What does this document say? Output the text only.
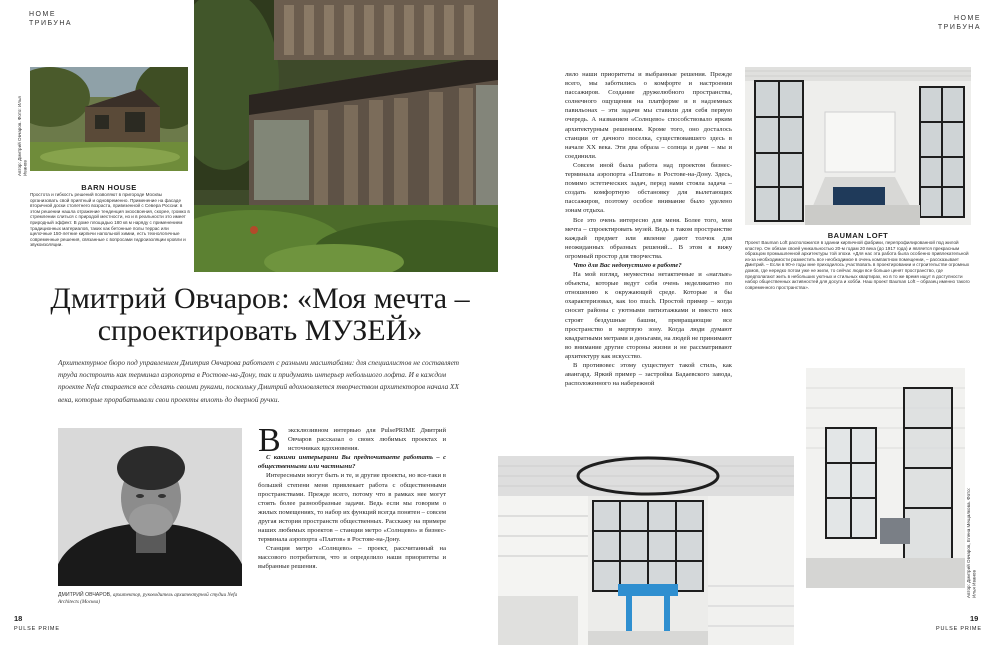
HOME
ТРИБУНА
Автор: Дмитрий Овчаров. Фото: Илья Иванов
BARN HOUSE
Простота и гибкость решений позволяют в пригороде Москвы организовать свой приятный и одновременно. Применение на фасаде вторичной доски столетнего возраста, привезенной с Севера России: в этом решении нашла отражение тенденция экоосвоения, скорее, громко в стремлении слиться с природой местности, но и в реальности это имеет природный эффект. В доме площадью 180 кв м наряду с применением традиционных материалов, таких как бетонные полы террас или щелочные 150-летние кирпичи напольной химии, есть технологичные современные решения, связанные с вопросами гидроизоляции кровли и звукоизоляции.
Дмитрий Овчаров: «Моя мечта – спроектировать МУЗЕЙ»
Архитектурное бюро под управлением Дмитрия Овчарова работает с разными масштабами: для специалистов не составляет труда построить как терминал аэропорта в Ростове-на-Дону, так и придумать интерьер небольшого лофта. И в каждом проекте Nefa старается все сделать своими руками, поскольку Дмитрий вдохновляется творчеством архитекторов начала XX века, которые прорабатывали свои проекты вплоть до дверной ручки.
ДМИТРИЙ ОВЧАРОВ, архитектор, руководитель архитектурной студии Nefa Architects (Москва)
В эксклюзивном интервью для PulsePRIME Дмитрий Овчаров рассказал о своих любимых проектах и источниках вдохновения.

С какими интерьерами Вы предпочитаете работать – с общественными или частными?

Интересными могут быть и те, и другие проекты, но все-таки в большей степени меня привлекает работа с общественными пространствами. Прежде всего, потому что в рамках нее могут стоять более разнообразные задачи. Ведь если мы говорим о жилых помещениях, то набор их функций всегда понятен – совсем другая история пространств общественных. Расскажу на примере наших любимых проектов – станции метро «Солнцево» и бизнес-терминала аэропорта «Платов» в Ростове-на-Дону.

Станция метро «Солнцево» – проект, рассчитанный на массового потребителя, что и определило наши приоритеты и выбранные решения.

18
PULSE PRIME
HOME
ТРИБУНА

лило наши приоритеты и выбранные решения. Прежде всего, мы заботились о комфорте и настроении пассажиров. Создание дружелюбного пространства, солнечного ощущения на платформе и в надземных павильонах – эти задачи мы ставили для себя первую очередь. А названием «Солнцево» способствовало ярким архитектурным решениям. Кроме того, оно досталось станции от дачного поселка, существовавшего здесь в начале XX века. Эти два образа – солнца и дачи – мы и соединили.

Совсем иной была работа над проектом бизнес-терминала аэропорта «Платов» в Ростове-на-Дону. Здесь, помимо эстетических задач, перед нами стояла задача – создать комфортную обстановку для вылетающих пассажиров, поэтому особое внимание было уделено зонам отдыха.

Все это очень интересно для меня. Более того, моя мечта – спроектировать музей. Ведь в таком пространстве каждый предмет или явление дают толчок для неожиданных образных решений... В этом я вижу огромный простор для творчества.

Что для Вас недопустимо в работе?

На мой взгляд, неуместны нетактичные и «наглые» объекты, которые ведут себя очень неделикатно по отношению к окружающей среде. Которые я бы охарактеризовал, как too much. Простой пример – когда сносят районы с уютными пятиэтажками и вместо них строят бездушные башни, превращающие все пространство в мертвую зону. Когда люди думают квадратными метрами и деньгами, на людей не принимают во внимание другие стороны жизни и не рассматривают архитектуру как искусство.

В противовес этому существует такой стиль, как авангард. Яркий пример – застройка Бадаевского завода, расположенного на набережной

BAUMAN LOFT
Проект Bauman Loft расположился в здании кирпичной фабрики, перепрофилированной под жилой кластер. Он обязан своей уникальностью 20-м годам 20 века (до 1917 года) и является прекрасным образцом промышленной архитектуры той эпохи. «Для нас эта работа была особенно привлекательной из-за необходимости разместить все необходимое в очень компактном помещении, – рассказывает Дмитрий. – Если в 90-е годы мне приходилось участвовать в проектировании и строительстве огромных домов, где нередко потом уже не жили, то сейчас люди все больше ценят пространство, где предполагают жить в небольших уютных и стильных квартирах, но в то же время ищут в доступности набор общественных активностей для досуга и хобби. Наш проект Bauman Loft – образец именно такого современного пространства».
Автор: Дмитрий Овчаров, Елена Мещалкова. Фото: Илья Иванов
19
PULSE PRIME
